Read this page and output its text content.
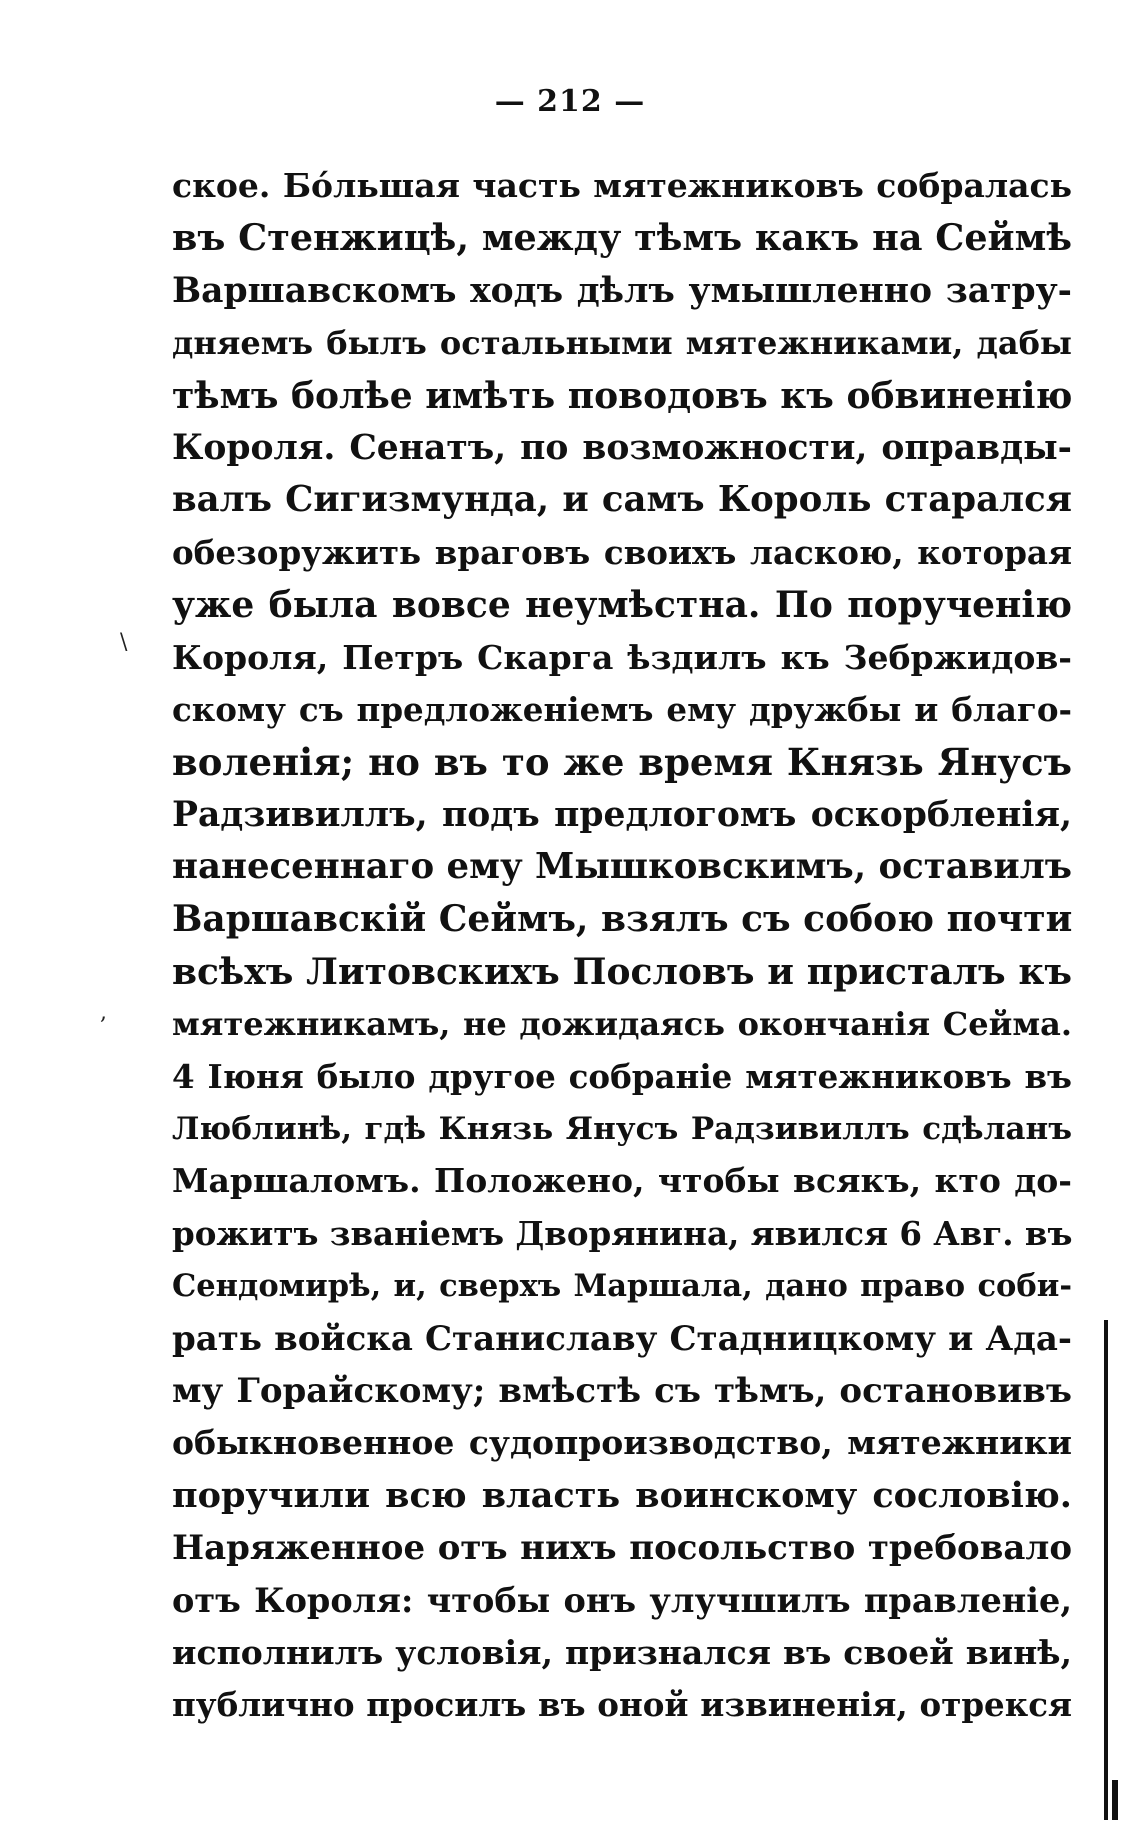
— 212 —
ское. Бóльшая часть мятежниковъ собралась
въ Стенжицѣ, между тѣмъ какъ на Сеймѣ
Варшавскомъ ходъ дѣлъ умышленно затру-
дняемъ былъ остальными мятежниками, дабы
тѣмъ болѣе имѣть поводовъ къ обвиненію
Короля. Сенатъ, по возможности, оправды-
валъ Сигизмунда, и самъ Король старался
обезоружить враговъ своихъ ласкою, которая
уже была вовсе неумѣстна. По порученію
Короля, Петръ Скарга ѣздилъ къ Зебржидов-
скому съ предложеніемъ ему дружбы и благо-
воленія; но въ то же время Князь Янусъ
Радзивиллъ, подъ предлогомъ оскорбленія,
нанесеннаго ему Мышковскимъ, оставилъ
Варшавскій Сеймъ, взялъ съ собою почти
всѣхъ Литовскихъ Пословъ и присталъ къ
мятежникамъ, не дожидаясь окончанія Сейма.
4 Іюня было другое собраніе мятежниковъ въ
Люблинѣ, гдѣ Князь Янусъ Радзивиллъ сдѣланъ
Маршаломъ. Положено, чтобы всякъ, кто до-
рожитъ званіемъ Дворянина, явился 6 Авг. въ
Сендомирѣ, и, сверхъ Маршала, дано право соби-
рать войска Станиславу Стадницкому и Ада-
му Горайскому; вмѣстѣ съ тѣмъ, остановивъ
обыкновенное судопроизводство, мятежники
поручили всю власть воинскому сословію.
Наряженное отъ нихъ посольство требовало
отъ Короля: чтобы онъ улучшилъ правленіе,
исполнилъ условія, признался въ своей винѣ,
публично просилъ въ оной извиненія, отрекся
\
,
